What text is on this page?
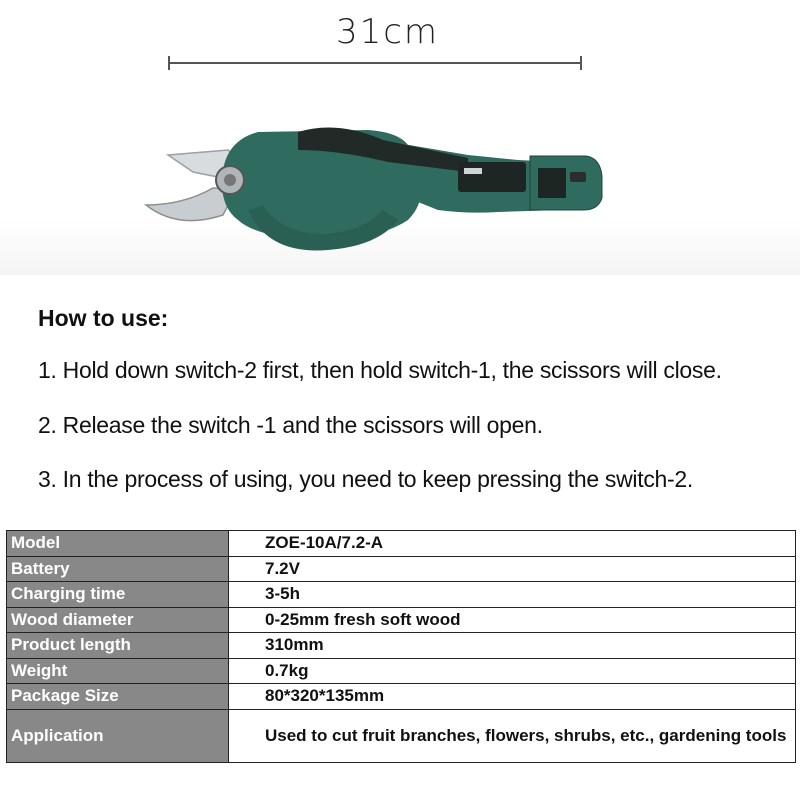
31cm
How to use:
1. Hold down switch-2 first, then hold switch-1, the scissors will close.
2. Release the switch -1 and the scissors will open.
3. In the process of using, you need to keep pressing the switch-2.
Model	ZOE-10A/7.2-A
Battery	7.2V
Charging time	3-5h
Wood diameter	0-25mm fresh soft wood
Product length	310mm
Weight	0.7kg
Package Size	80*320*135mm
Application	Used to cut fruit branches, flowers, shrubs, etc., gardening tools
